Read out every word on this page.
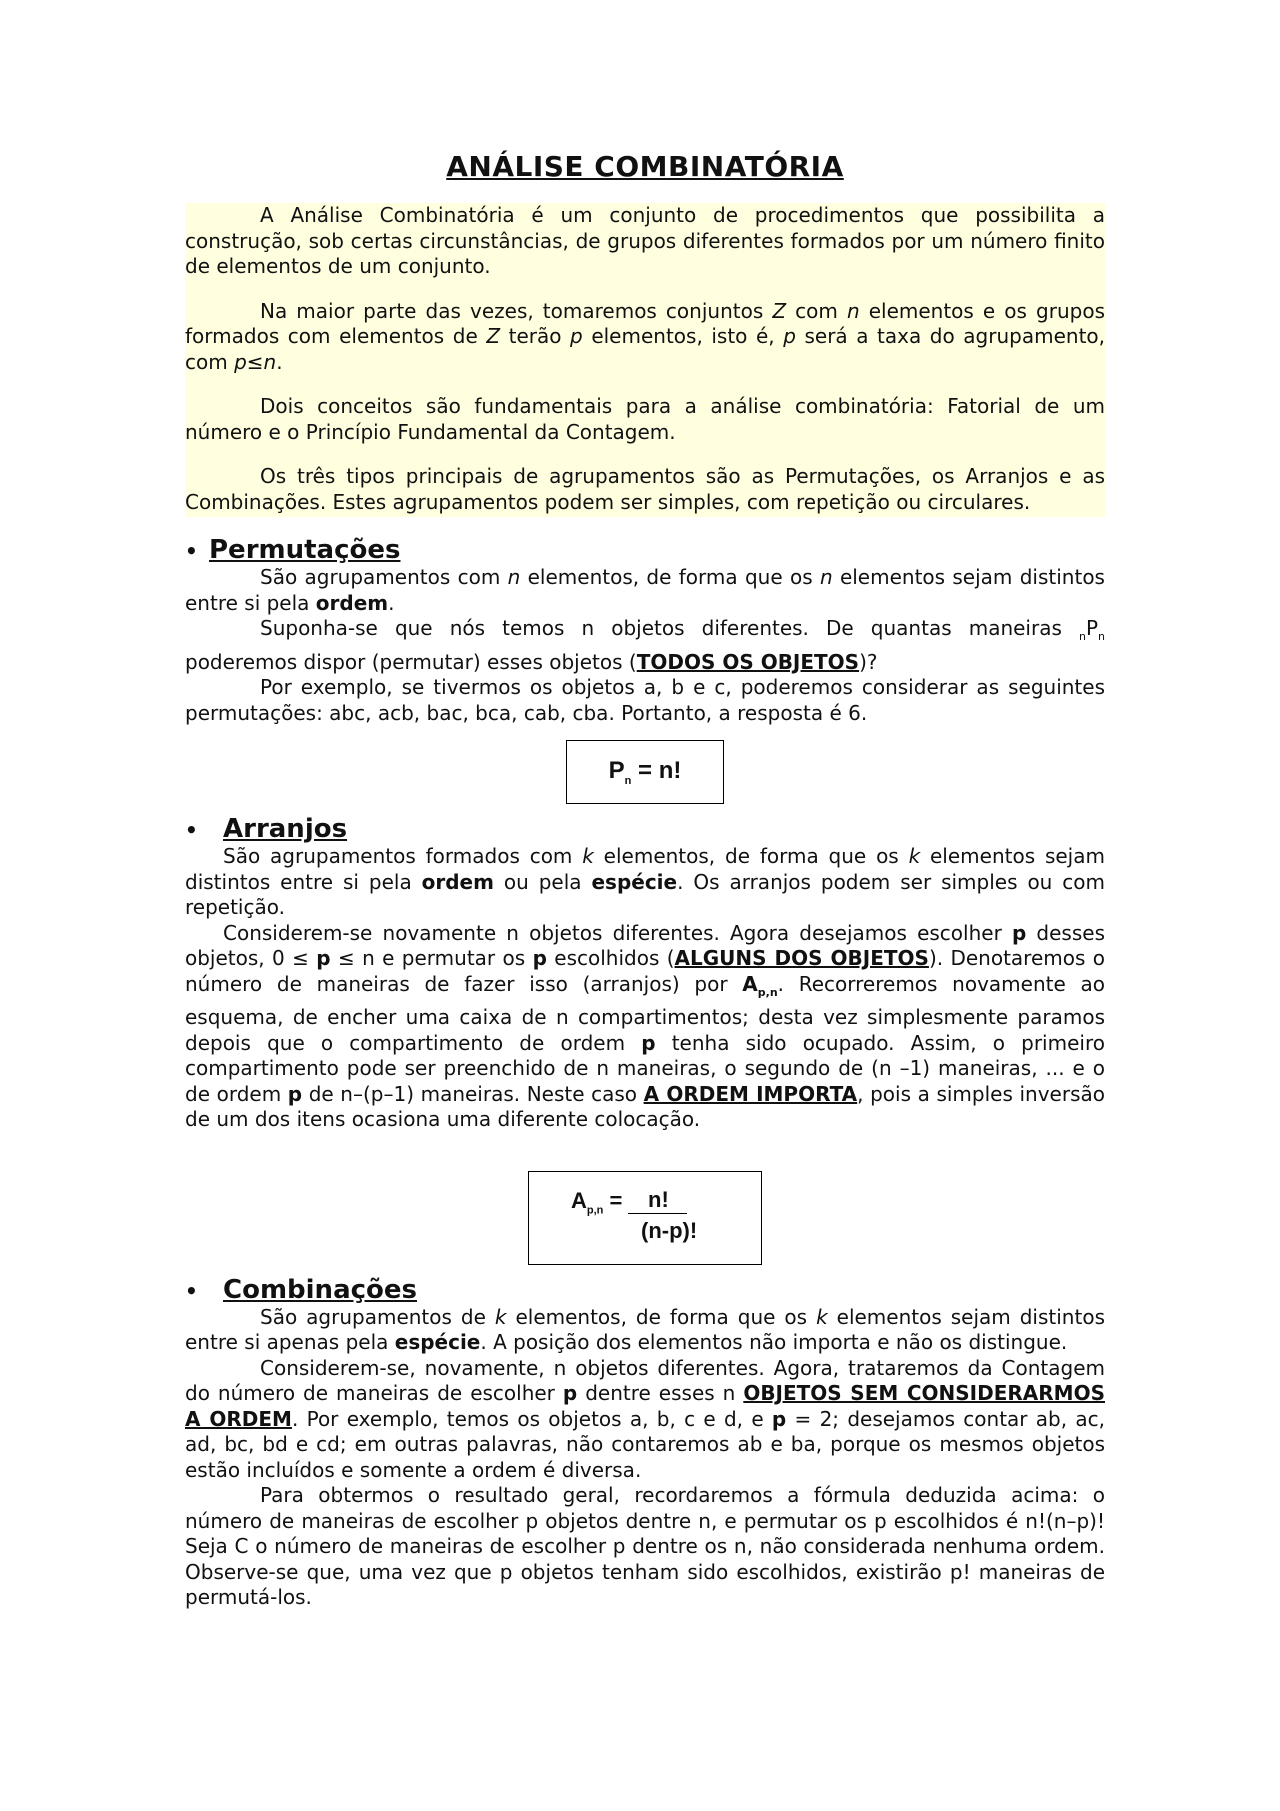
ANÁLISE COMBINATÓRIA

A Análise Combinatória é um conjunto de procedimentos que possibilita a construção, sob certas circunstâncias, de grupos diferentes formados por um número finito de elementos de um conjunto.

Na maior parte das vezes, tomaremos conjuntos Z com n elementos e os grupos formados com elementos de Z terão p elementos, isto é, p será a taxa do agrupamento, com p≤n.

Dois conceitos são fundamentais para a análise combinatória: Fatorial de um número e o Princípio Fundamental da Contagem.

Os três tipos principais de agrupamentos são as Permutações, os Arranjos e as Combinações. Estes agrupamentos podem ser simples, com repetição ou circulares.

• Permutações

São agrupamentos com n elementos, de forma que os n elementos sejam distintos entre si pela ordem.

Suponha-se que nós temos n objetos diferentes. De quantas maneiras $_nP_n$ poderemos dispor (permutar) esses objetos (TODOS OS OBJETOS)?

Por exemplo, se tivermos os objetos a, b e c, poderemos considerar as seguintes permutações: abc, acb, bac, bca, cab, cba. Portanto, a resposta é 6.

$P_n = n$!
• Arranjos

São agrupamentos formados com k elementos, de forma que os k elementos sejam distintos entre si pela ordem ou pela espécie. Os arranjos podem ser simples ou com repetição.

Considerem-se novamente n objetos diferentes. Agora desejamos escolher p desses objetos, 0 ≤ p ≤ n e permutar os p escolhidos (ALGUNS DOS OBJETOS). Denotaremos o número de maneiras de fazer isso (arranjos) por $A_{p,n}$. Recorreremos novamente ao esquema, de encher uma caixa de n compartimentos; desta vez simplesmente paramos depois que o compartimento de ordem p tenha sido ocupado. Assim, o primeiro compartimento pode ser preenchido de n maneiras, o segundo de (n –1) maneiras, ... e o de ordem p de n–(p–1) maneiras. Neste caso A ORDEM IMPORTA, pois a simples inversão de um dos itens ocasiona uma diferente colocação.

$A_{p,n}$ =	n!
(n-p)!
• Combinações

São agrupamentos de k elementos, de forma que os k elementos sejam distintos entre si apenas pela espécie. A posição dos elementos não importa e não os distingue.

Considerem-se, novamente, n objetos diferentes. Agora, trataremos da Contagem do número de maneiras de escolher p dentre esses n OBJETOS SEM CONSIDERARMOS A ORDEM. Por exemplo, temos os objetos a, b, c e d, e p = 2; desejamos contar ab, ac, ad, bc, bd e cd; em outras palavras, não contaremos ab e ba, porque os mesmos objetos estão incluídos e somente a ordem é diversa.

Para obtermos o resultado geral, recordaremos a fórmula deduzida acima: o número de maneiras de escolher p objetos dentre n, e permutar os p escolhidos é n!(n–p)! Seja C o número de maneiras de escolher p dentre os n, não considerada nenhuma ordem. Observe-se que, uma vez que p objetos tenham sido escolhidos, existirão p! maneiras de permutá-los.
